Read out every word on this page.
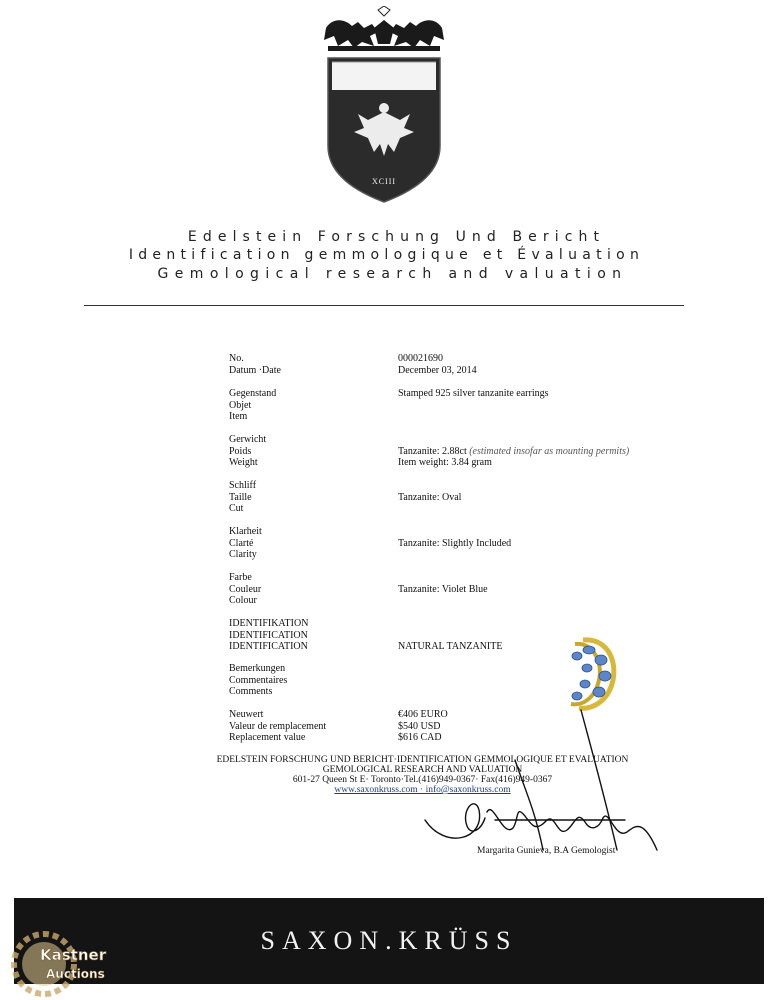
XCIII
Edelstein Forschung Und Bericht
Identification gemmologique et Évaluation
Gemological research and valuation
No.
Datum ·Date
000021690
December 03, 2014
Gegenstand
Objet
Item
Stamped 925 silver tanzanite earrings
Gerwicht
Poids
Weight
Tanzanite: 2.88ct (estimated insofar as mounting permits)
Item weight: 3.84 gram
Schliff
Taille
Cut
Tanzanite: Oval
Klarheit
Clarté
Clarity
Tanzanite: Slightly Included
Farbe
Couleur
Colour
Tanzanite: Violet Blue
IDENTIFIKATION
IDENTIFICATION
IDENTIFICATION	NATURAL TANZANITE
Bemerkungen
Commentaires
Comments
Neuwert
Valeur de remplacement
Replacement value
€406 EURO
$540 USD
$616 CAD
EDELSTEIN FORSCHUNG UND BERICHT·IDENTIFICATION GEMMOLOGIQUE ET EVALUATION
GEMOLOGICAL RESEARCH AND VALUATION
601-27 Queen St E· Toronto·Tel.(416)949-0367· Fax(416)949-0367
www.saxonkruss.com · info@saxonkruss.com
Margarita Gunieva, B.A Gemologist
SAXON.KRÜSS
Kastner
Auctions
